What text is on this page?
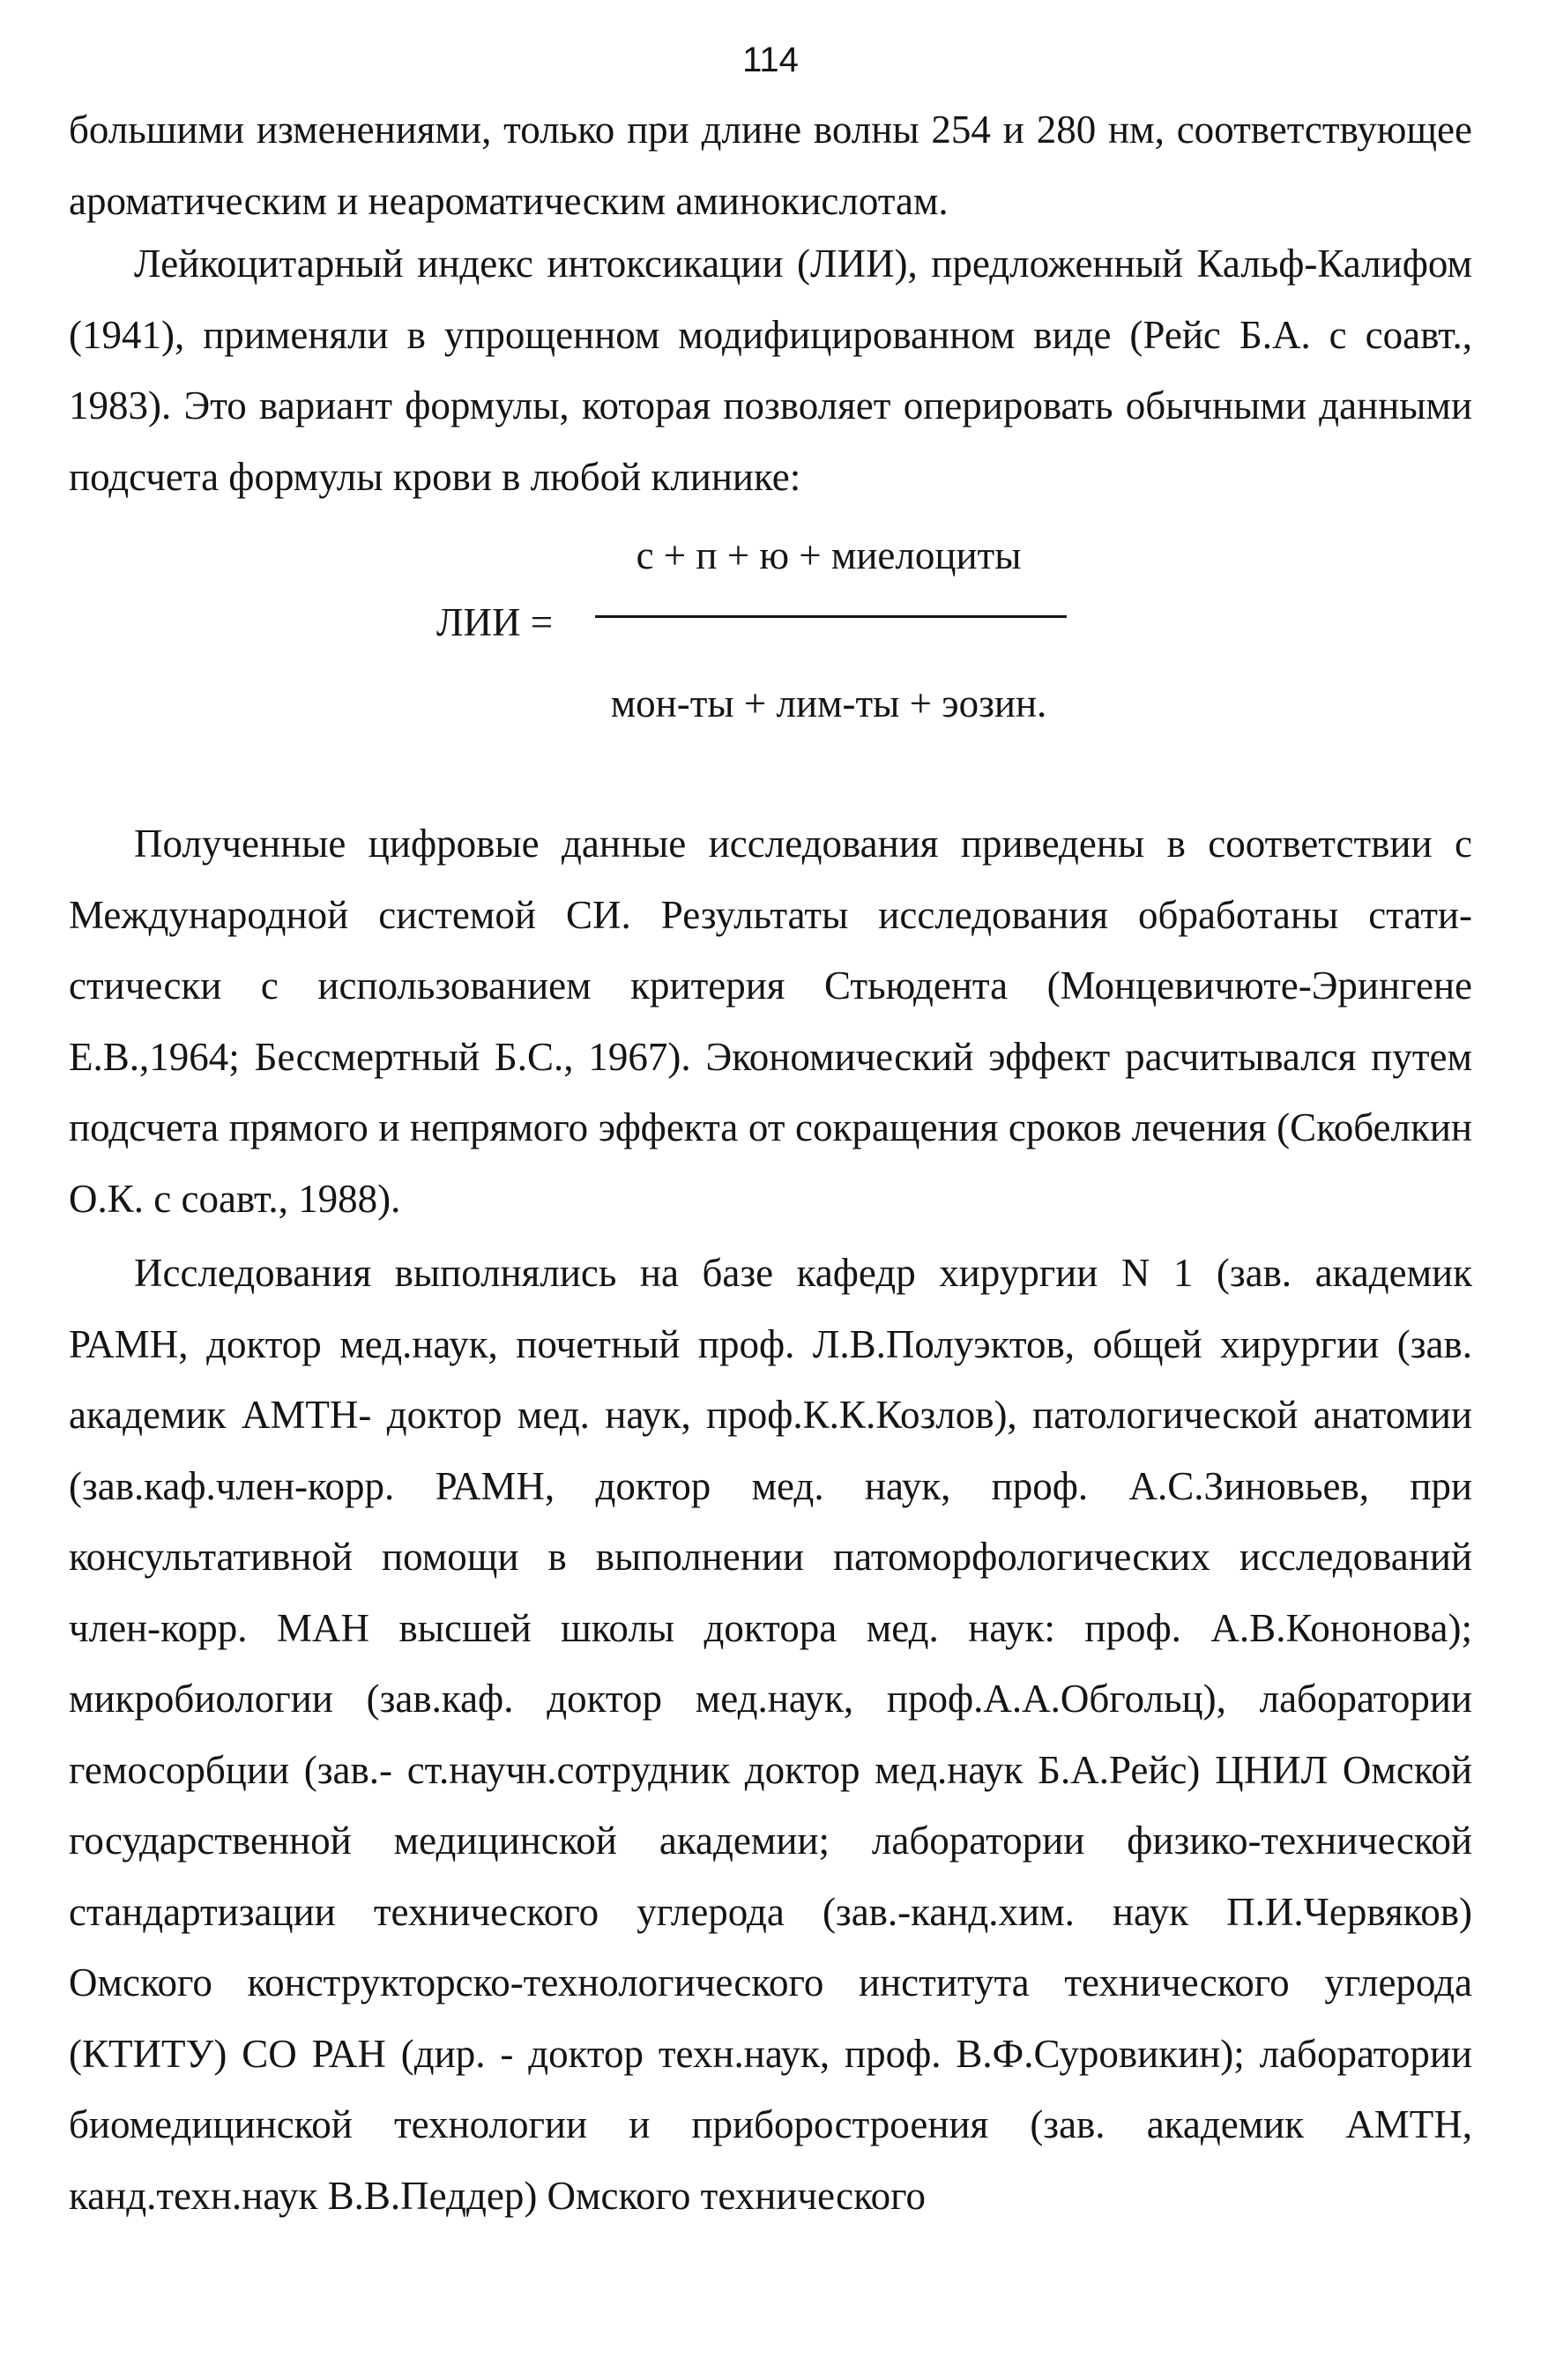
114

большими изменениями, только при длине волны 254 и 280 нм, соответствующее ароматическим и неароматическим аминокислотам.

Лейкоцитарный индекс интоксикации (ЛИИ), предложенный Кальф-Калифом (1941), применяли в упрощенном модифицированном виде (Рейс Б.А. с соавт., 1983). Это вариант формулы, которая позволяет оперировать обычными данными подсчета формулы крови в любой клинике:

ЛИИ =
с + п + ю + миелоциты
мон-ты + лим-ты + эозин.

Полученные цифровые данные исследования приведены в соответствии с Международной системой СИ. Результаты исследования обработаны статистически с использованием критерия Стьюдента (Монцевичюте-Эрингене Е.В.,1964; Бессмертный Б.С., 1967). Экономический эффект расчитывался путем подсчета прямого и непрямого эффекта от сокращения сроков лечения (Скобелкин О.К. с соавт., 1988).

Исследования выполнялись на базе кафедр хирургии N 1 (зав. академик РАМН, доктор мед.наук, почетный проф. Л.В.Полуэктов, общей хирургии (зав. академик АМТН- доктор мед. наук, проф.К.К.Козлов), патологической анатомии (зав.каф.член-корр. РАМН, доктор мед. наук, проф. А.С.Зиновьев, при консультативной помощи в выполнении патоморфологических исследований член-корр. МАН высшей школы доктора мед. наук: проф. А.В.Кононова); микробиологии (зав.каф. доктор мед.наук, проф.А.А.Обгольц), лаборатории гемосорбции (зав.- ст.научн.сотрудник доктор мед.наук Б.А.Рейс) ЦНИЛ Омской государственной медицинской академии; лаборатории физико-технической стандартизации технического углерода (зав.-канд.хим. наук П.И.Червяков) Омского конструкторско-технологического института технического углерода (КТИТУ) СО РАН (дир. - доктор техн.наук, проф. В.Ф.Суровикин); лаборатории биомедицинской технологии и приборостроения (зав. академик АМТН, канд.техн.наук В.В.Педдер) Омского технического
